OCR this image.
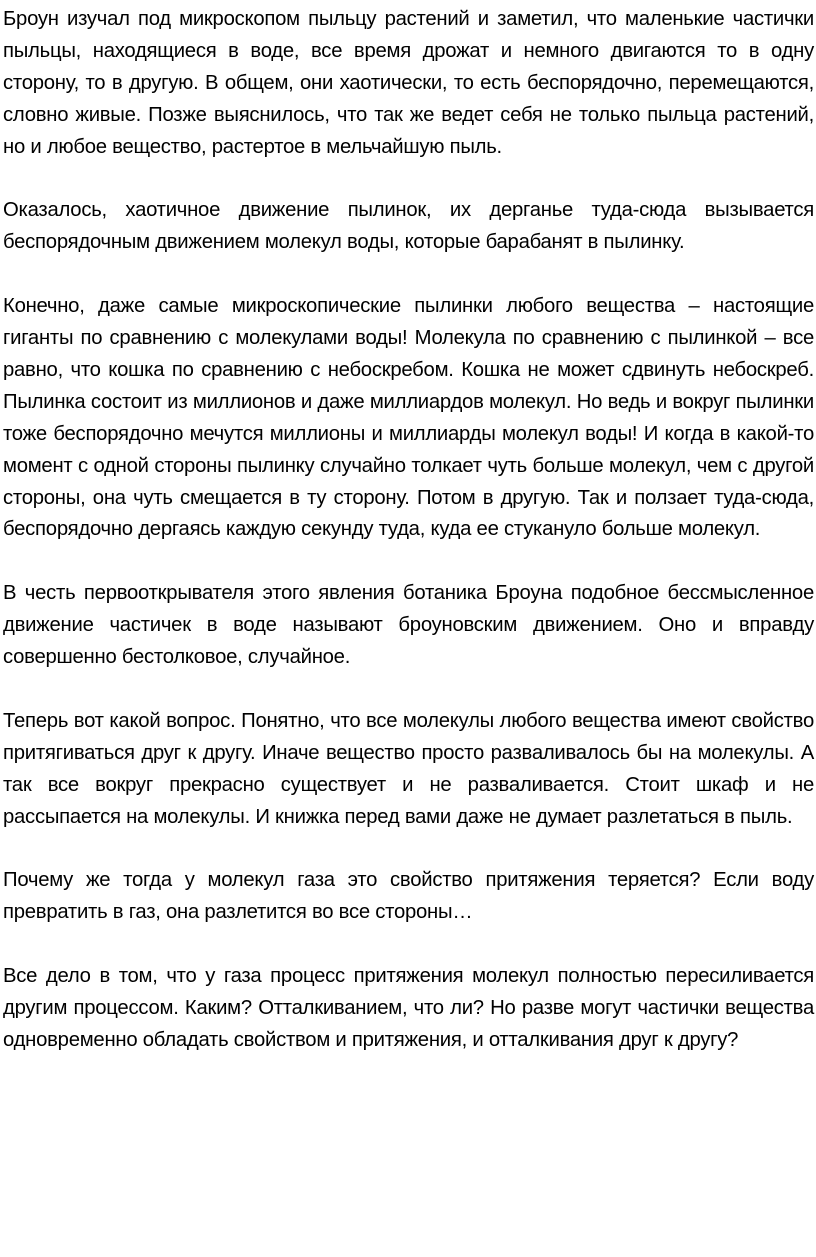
Броун изучал под микроскопом пыльцу растений и заметил, что маленькие частички пыльцы, находящиеся в воде, все время дрожат и немного двигаются то в одну сторону, то в другую. В общем, они хаотически, то есть беспорядочно, перемещаются, словно живые. Позже выяснилось, что так же ведет себя не только пыльца растений, но и любое вещество, растертое в мельчайшую пыль.

Оказалось, хаотичное движение пылинок, их дерганье туда-сюда вызывается беспорядочным движением молекул воды, которые барабанят в пылинку.

Конечно, даже самые микроскопические пылинки любого вещества – настоящие гиганты по сравнению с молекулами воды! Молекула по сравнению с пылинкой – все равно, что кошка по сравнению с небоскребом. Кошка не может сдвинуть небоскреб. Пылинка состоит из миллионов и даже миллиардов молекул. Но ведь и вокруг пылинки тоже беспорядочно мечутся миллионы и миллиарды молекул воды! И когда в какой-то момент с одной стороны пылинку случайно толкает чуть больше молекул, чем с другой стороны, она чуть смещается в ту сторону. Потом в другую. Так и ползает туда-сюда, беспорядочно дергаясь каждую секунду туда, куда ее стукануло больше молекул.

В честь первооткрывателя этого явления ботаника Броуна подобное бессмысленное движение частичек в воде называют броуновским движением. Оно и вправду совершенно бестолковое, случайное.

Теперь вот какой вопрос. Понятно, что все молекулы любого вещества имеют свойство притягиваться друг к другу. Иначе вещество просто разваливалось бы на молекулы. А так все вокруг прекрасно существует и не разваливается. Стоит шкаф и не рассыпается на молекулы. И книжка перед вами даже не думает разлетаться в пыль.

Почему же тогда у молекул газа это свойство притяжения теряется? Если воду превратить в газ, она разлетится во все стороны…

Все дело в том, что у газа процесс притяжения молекул полностью пересиливается другим процессом. Каким? Отталкиванием, что ли? Но разве могут частички вещества одновременно обладать свойством и притяжения, и отталкивания друг к другу?
